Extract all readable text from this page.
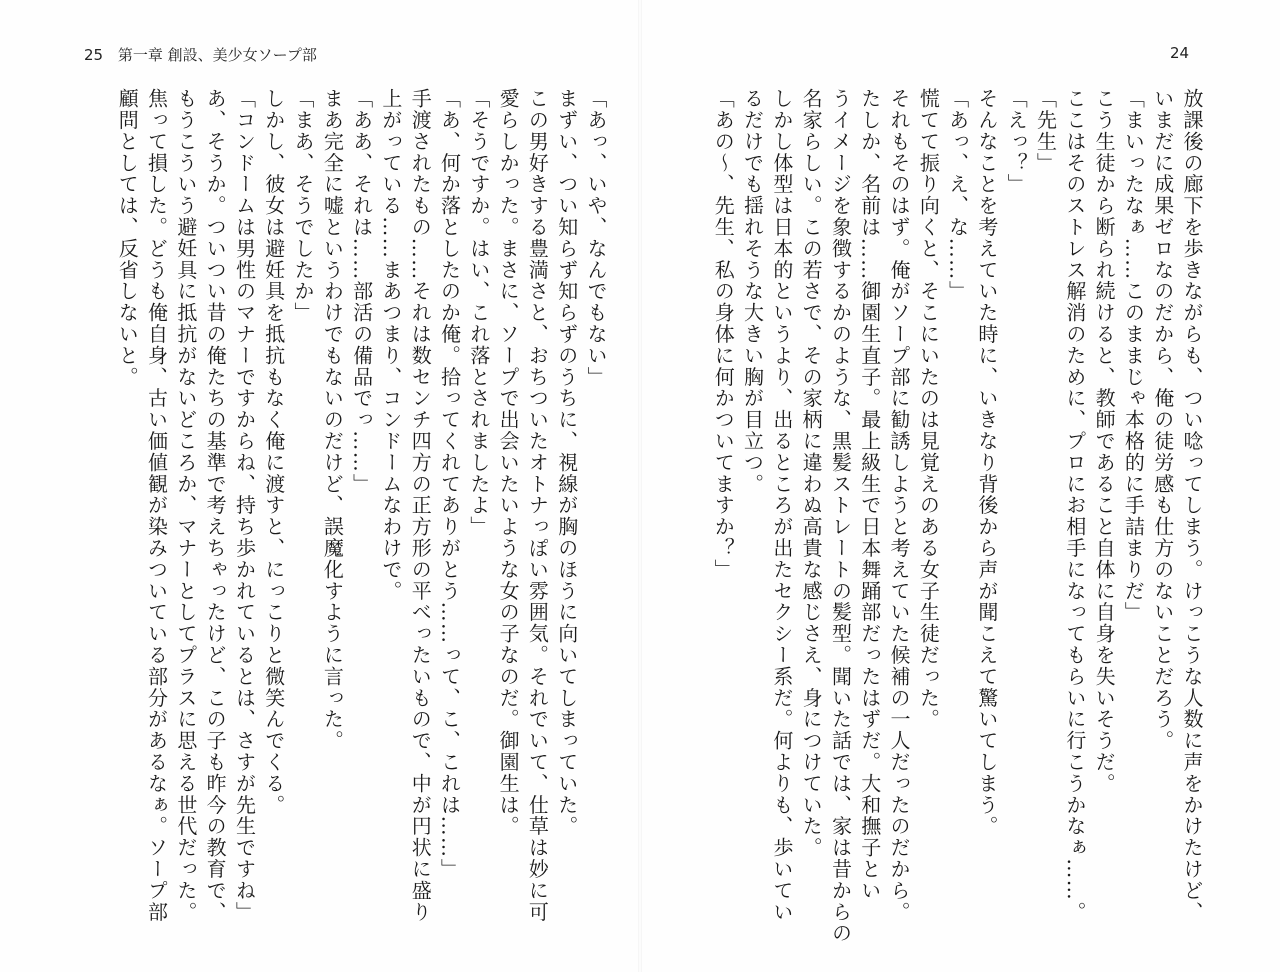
25 第一章 創設、美少女ソープ部	24
放課後の廊下を歩きながらも、つい唸ってしまう。けっこうな人数に声をかけたけど、
いまだに成果ゼロなのだから、俺の徒労感も仕方のないことだろう。
「まいったなぁ……このままじゃ本格的に手詰まりだ」
こう生徒から断られ続けると、教師であること自体に自身を失いそうだ。
ここはそのストレス解消のために、プロにお相手になってもらいに行こうかなぁ……。
「先生」
「えっ？」
そんなことを考えていた時に、いきなり背後から声が聞こえて驚いてしまう。
「あっ、え、な……」
慌てて振り向くと、そこにいたのは見覚えのある女子生徒だった。
それもそのはず。俺がソープ部に勧誘しようと考えていた候補の一人だったのだから。
たしか、名前は……御園生直子。最上級生で日本舞踊部だったはずだ。大和撫子とい
うイメージを象徴するかのような、黒髪ストレートの髪型。聞いた話では、家は昔からの
名家らしい。この若さで、その家柄に違わぬ高貴な感じさえ、身につけていた。
しかし体型は日本的というより、出るところが出たセクシー系だ。何よりも、歩いてい
るだけでも揺れそうな大きい胸が目立つ。
「あの～、先生、私の身体に何かついてますか？」
「あっ、いや、なんでもない」
まずい、つい知らず知らずのうちに、視線が胸のほうに向いてしまっていた。
この男好きする豊満さと、おちついたオトナっぽい雰囲気。それでいて、仕草は妙に可
愛らしかった。まさに、ソープで出会いたいような女の子なのだ。御園生は。
「そうですか。はい、これ落とされましたよ」
「あ、何か落としたのか俺。拾ってくれてありがとう……って、こ、これは……」
手渡されたもの……それは数センチ四方の正方形の平べったいもので、中が円状に盛り
上がっている……まあつまり、コンドームなわけで。
「ああ、それは……部活の備品でっ……」
まあ完全に嘘というわけでもないのだけど、誤魔化すように言った。
「まあ、そうでしたか」
しかし、彼女は避妊具を抵抗もなく俺に渡すと、にっこりと微笑んでくる。
「コンドームは男性のマナーですからね、持ち歩かれているとは、さすが先生ですね」
あ、そうか。ついつい昔の俺たちの基準で考えちゃったけど、この子も昨今の教育で、
もうこういう避妊具に抵抗がないどころか、マナーとしてプラスに思える世代だった。
焦って損した。どうも俺自身、古い価値観が染みついている部分があるなぁ。ソープ部
顧問としては、反省しないと。
